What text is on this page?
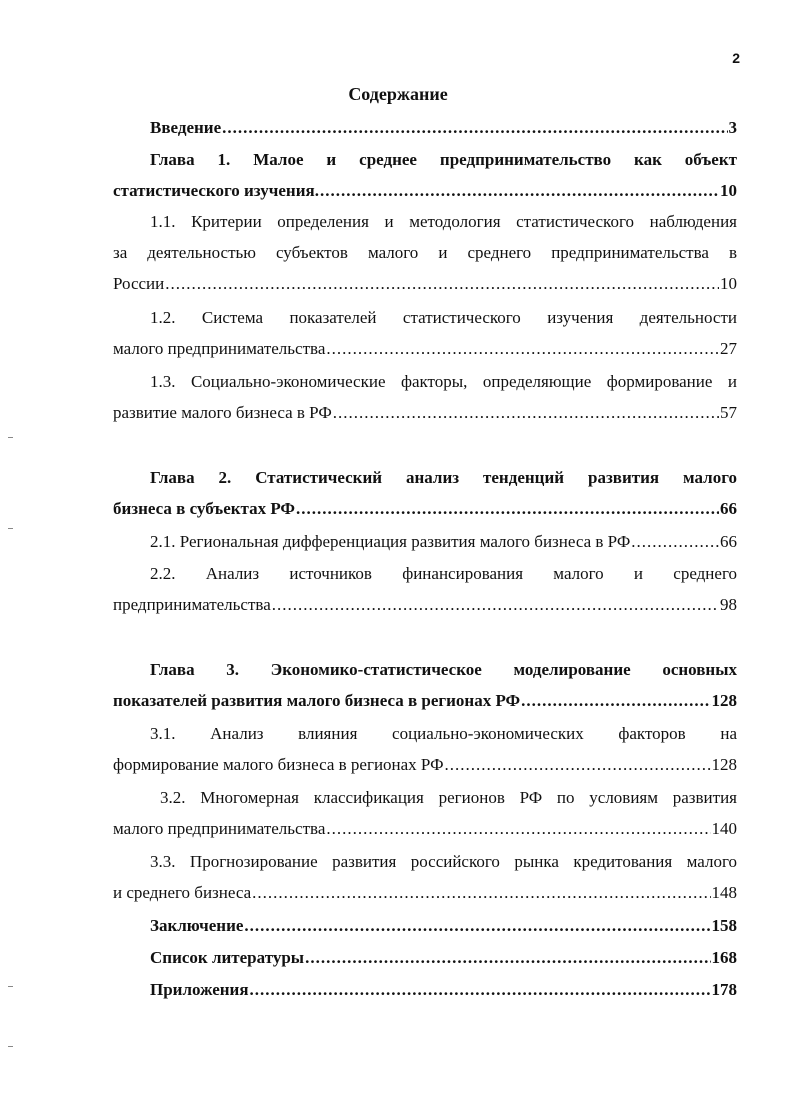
2
Содержание
Введение .....	3
Глава 1. Малое и среднее предпринимательство как объект
статистического изучения. .....	10
1.1. Критерии определения и методология статистического наблюдения
за деятельностью субъектов малого и среднего предпринимательства в
России .....	10
1.2. Система показателей статистического изучения деятельности
малого предпринимательства .....	27
1.3. Социально-экономические факторы, определяющие формирование и
развитие малого бизнеса в РФ .....	57
Глава 2. Статистический анализ тенденций развития малого
бизнеса в субъектах РФ .....	66
2.1. Региональная дифференциация развития малого бизнеса в РФ .....	66
2.2. Анализ источников финансирования малого и среднего
предпринимательства .....	98
Глава 3. Экономико-статистическое моделирование основных
показателей развития малого бизнеса в регионах РФ .....	128
3.1. Анализ влияния социально-экономических факторов на
формирование малого бизнеса в регионах РФ .....	128
3.2. Многомерная классификация регионов РФ по условиям развития
малого предпринимательства .....	140
3.3. Прогнозирование развития российского рынка кредитования малого
и среднего бизнеса .....	148
Заключение .....	158
Список литературы .....	168
Приложения .....	178
